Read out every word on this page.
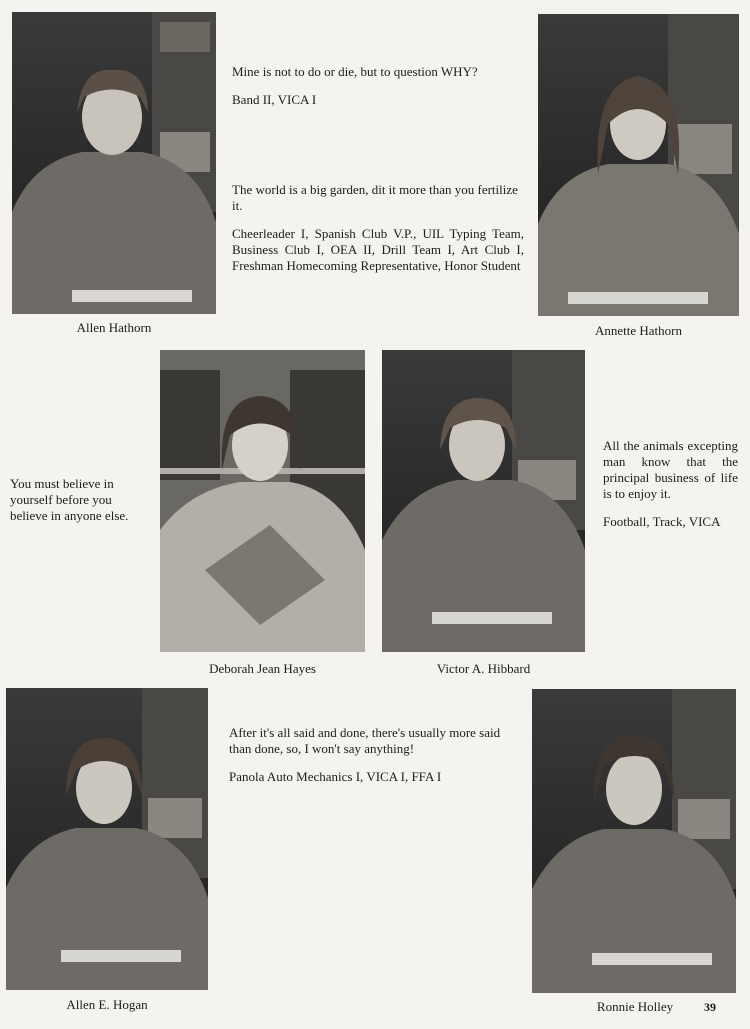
Allen Hathorn

Mine is not to do or die, but to question WHY?

Band II, VICA I

The world is a big garden, dit it more than you fertilize it.

Cheerleader I, Spanish Club V.P., UIL Typing Team, Business Club I, OEA II, Drill Team I, Art Club I, Freshman Homecoming Representative, Honor Student

Annette Hathorn

You must believe in yourself before you believe in anyone else.

Deborah Jean Hayes	Victor A. Hibbard

All the animals excepting man know that the principal business of life is to enjoy it.

Football, Track, VICA

Allen E. Hogan

After it's all said and done, there's usually more said than done, so, I won't say anything!

Panola Auto Mechanics I, VICA I, FFA I

Ronnie Holley	39
